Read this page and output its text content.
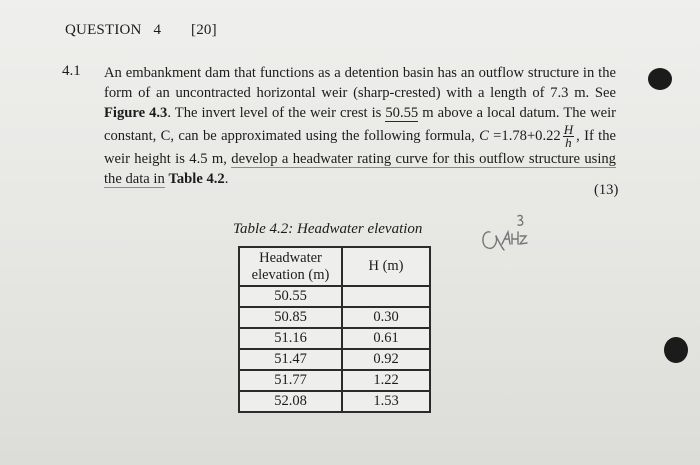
QUESTION   4 [20]
4.1 An embankment dam that functions as a detention basin has an outflow structure in the form of an uncontracted horizontal weir (sharp-crested) with a length of 7.3 m. See Figure 4.3. The invert level of the weir crest is 50.55 m above a local datum. The weir constant, C, can be approximated using the following formula, $C =1.78+0.22 \frac{H}{h}$ , If the weir height is 4.5 m, develop a headwater rating curve for this outflow structure using the data in Table 4.2.
(13)
Table 4.2: Headwater elevation
Headwater elevation (m)	H (m)
50.55	
50.85	0.30
51.16	0.61
51.47	0.92
51.77	1.22
52.08	1.53
